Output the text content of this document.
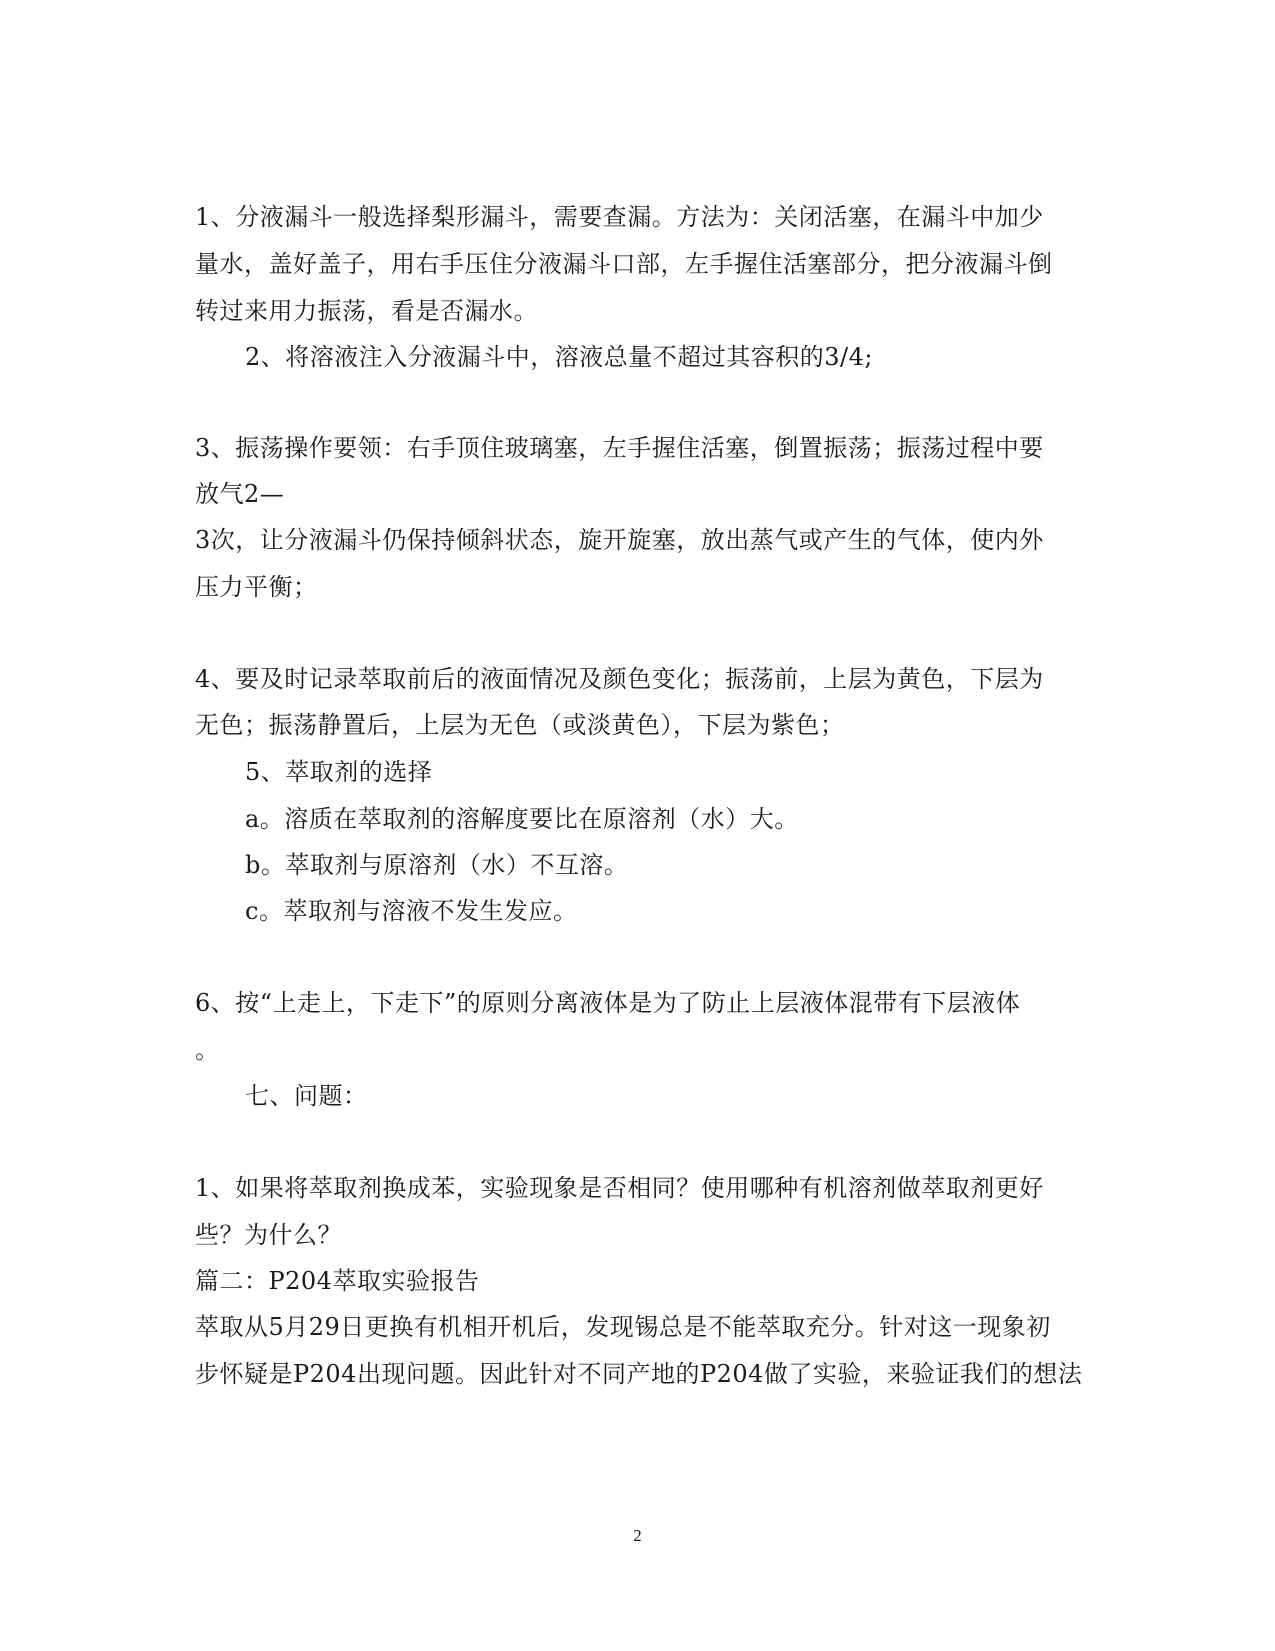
1、分液漏斗一般选择梨形漏斗，需要查漏。方法为：关闭活塞，在漏斗中加少
量水，盖好盖子，用右手压住分液漏斗口部，左手握住活塞部分，把分液漏斗倒
转过来用力振荡，看是否漏水。
2、将溶液注入分液漏斗中，溶液总量不超过其容积的3/4;
3、振荡操作要领：右手顶住玻璃塞，左手握住活塞，倒置振荡；振荡过程中要
放气2—
3次，让分液漏斗仍保持倾斜状态，旋开旋塞，放出蒸气或产生的气体，使内外
压力平衡；
4、要及时记录萃取前后的液面情况及颜色变化；振荡前，上层为黄色，下层为
无色；振荡静置后，上层为无色（或淡黄色），下层为紫色；
5、萃取剂的选择
a。溶质在萃取剂的溶解度要比在原溶剂（水）大。
b。萃取剂与原溶剂（水）不互溶。
c。萃取剂与溶液不发生发应。
6、按“上走上，下走下”的原则分离液体是为了防止上层液体混带有下层液体
。
七、问题：
1、如果将萃取剂换成苯，实验现象是否相同？使用哪种有机溶剂做萃取剂更好
些？为什么？
篇二：P204萃取实验报告
萃取从5月29日更换有机相开机后，发现锡总是不能萃取充分。针对这一现象初
步怀疑是P204出现问题。因此针对不同产地的P204做了实验，来验证我们的想法
2
